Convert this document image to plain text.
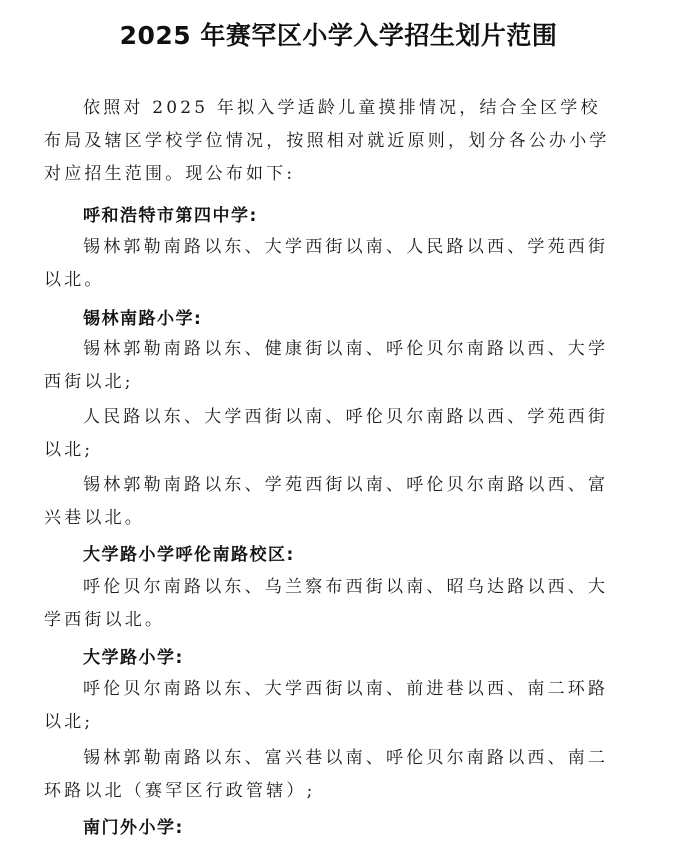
2025 年赛罕区小学入学招生划片范围

依照对 2025 年拟入学适龄儿童摸排情况，结合全区学校布局及辖区学校学位情况，按照相对就近原则，划分各公办小学对应招生范围。现公布如下:

呼和浩特市第四中学:

锡林郭勒南路以东、大学西街以南、人民路以西、学苑西街以北。

锡林南路小学:

锡林郭勒南路以东、健康街以南、呼伦贝尔南路以西、大学西街以北;

人民路以东、大学西街以南、呼伦贝尔南路以西、学苑西街以北;

锡林郭勒南路以东、学苑西街以南、呼伦贝尔南路以西、富兴巷以北。

大学路小学呼伦南路校区:

呼伦贝尔南路以东、乌兰察布西街以南、昭乌达路以西、大学西街以北。

大学路小学:

呼伦贝尔南路以东、大学西街以南、前进巷以西、南二环路以北;

锡林郭勒南路以东、富兴巷以南、呼伦贝尔南路以西、南二环路以北（赛罕区行政管辖）;

南门外小学:
